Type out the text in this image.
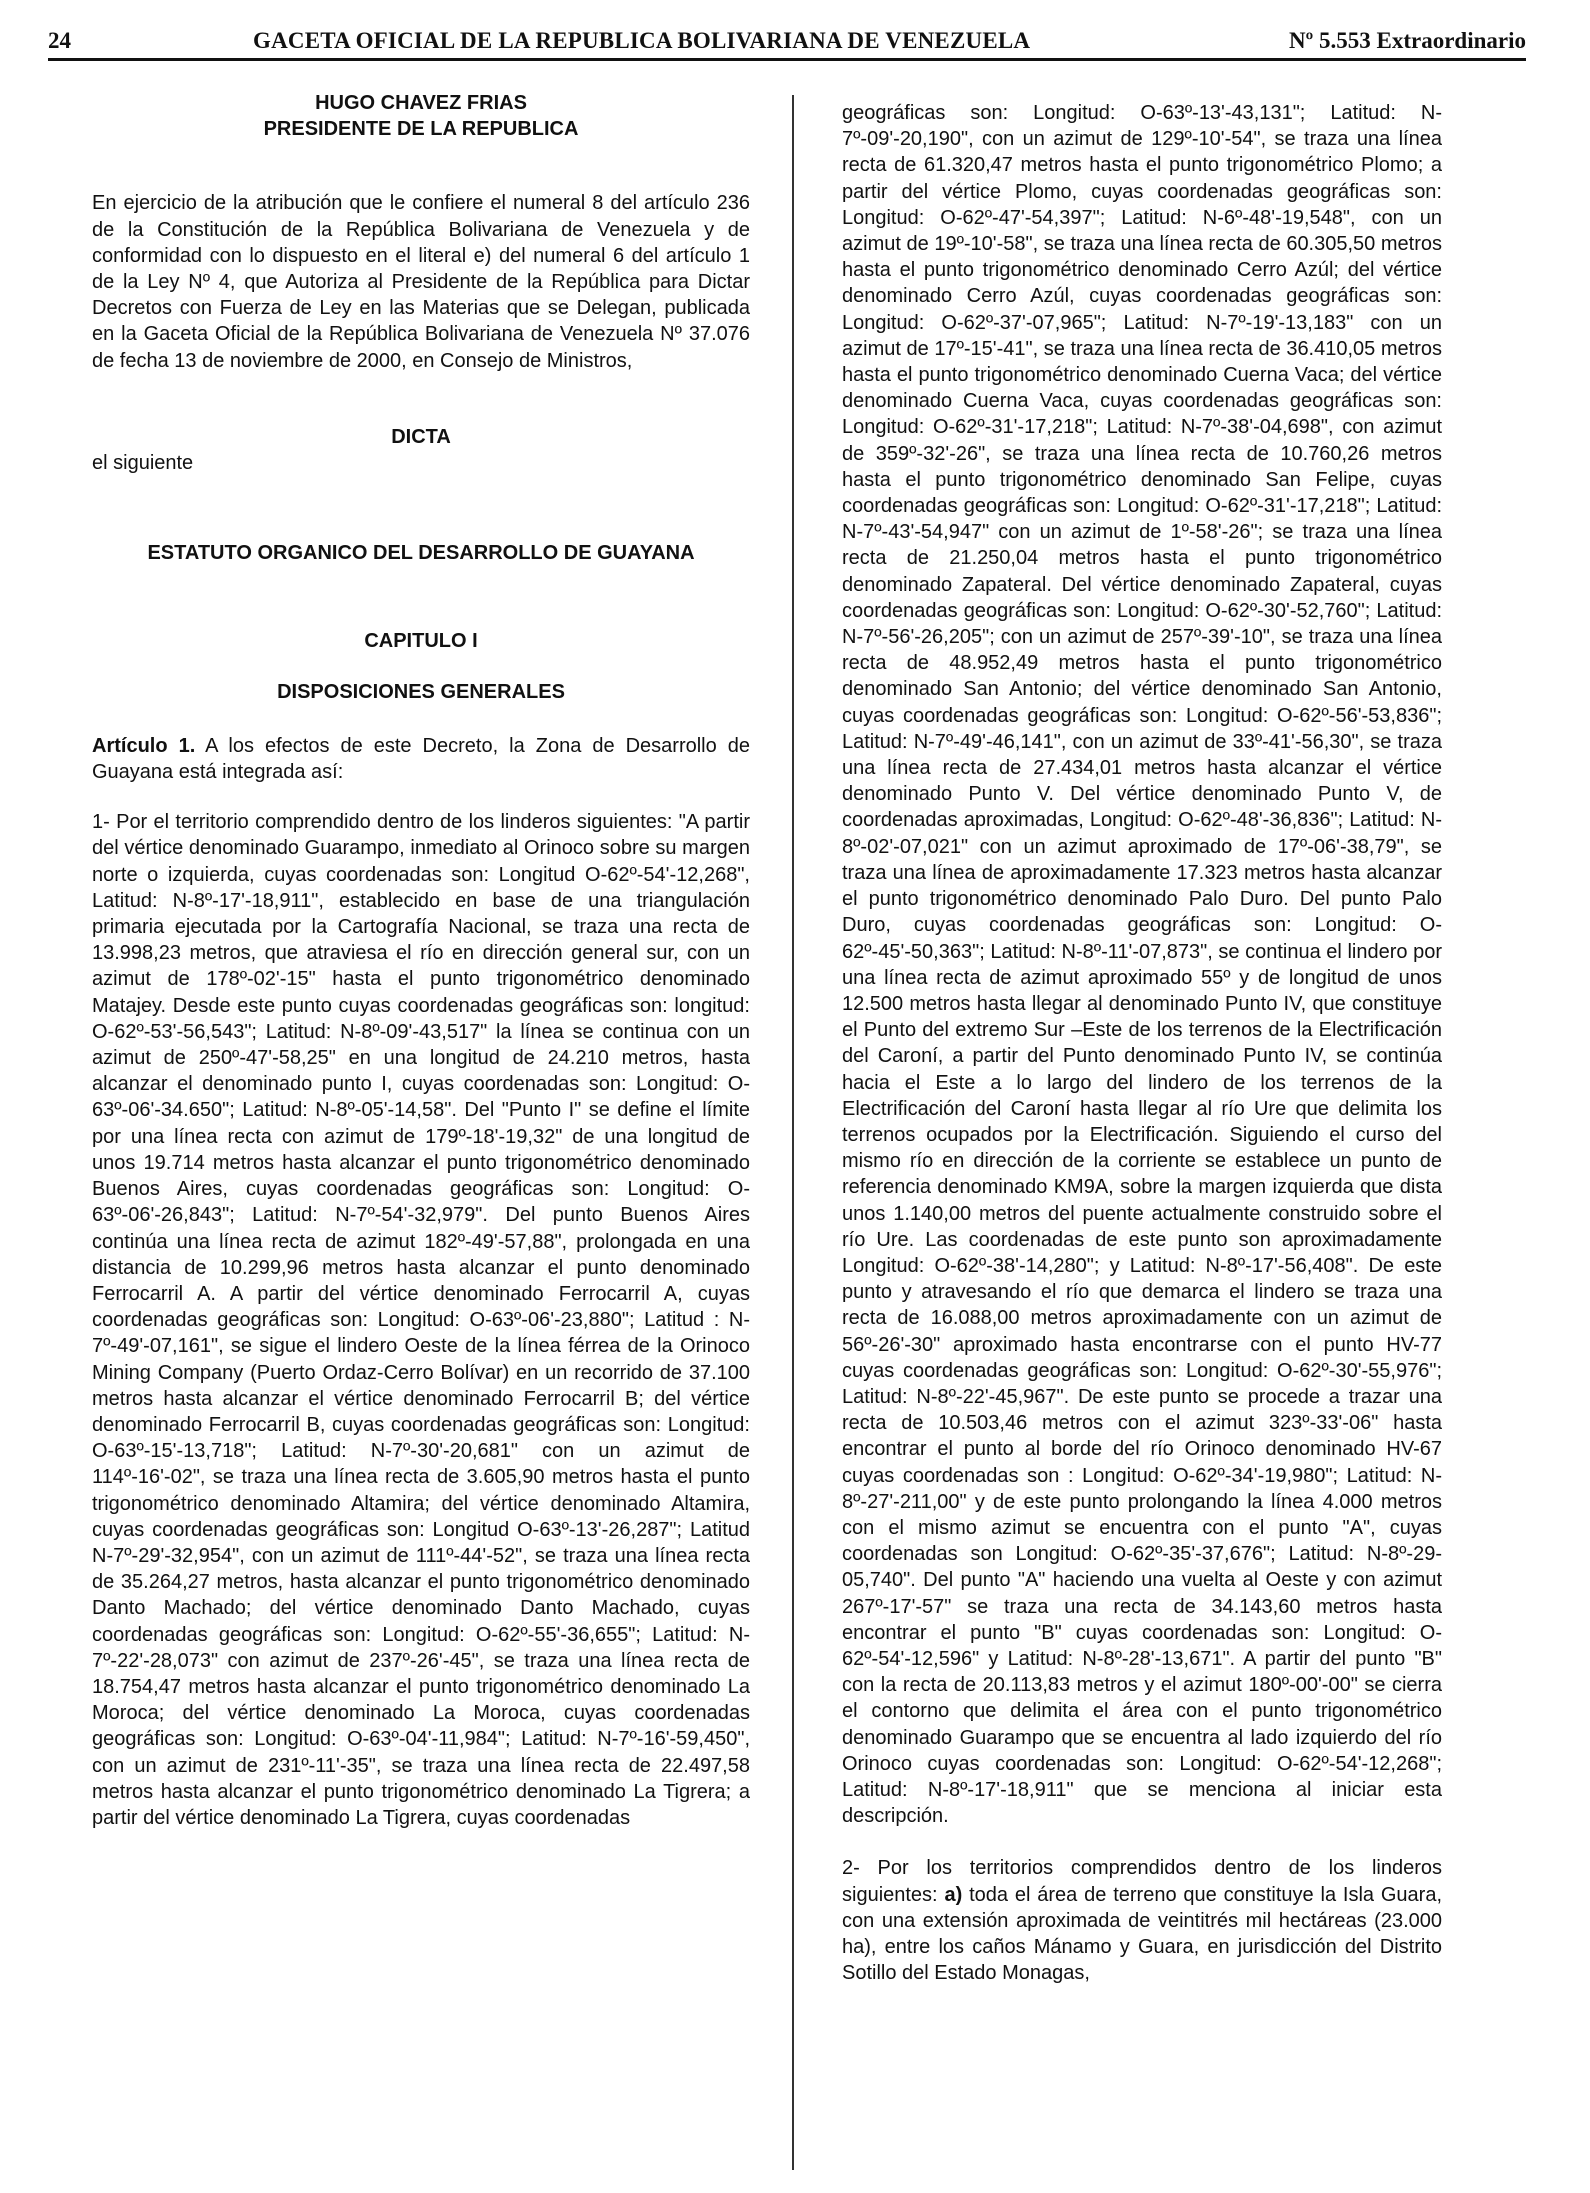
24	GACETA OFICIAL DE LA REPUBLICA BOLIVARIANA DE VENEZUELA	Nº 5.553 Extraordinario
HUGO CHAVEZ FRIAS
PRESIDENTE DE LA REPUBLICA

En ejercicio de la atribución que le confiere el numeral 8 del artículo 236 de la Constitución de la República Bolivariana de Venezuela y de conformidad con lo dispuesto en el literal e) del numeral 6 del artículo 1 de la Ley Nº 4, que Autoriza al Presidente de la República para Dictar Decretos con Fuerza de Ley en las Materias que se Delegan, publicada en la Gaceta Oficial de la República Bolivariana de Venezuela Nº 37.076 de fecha 13 de noviembre de 2000, en Consejo de Ministros,

DICTA
el siguiente
ESTATUTO ORGANICO DEL DESARROLLO DE GUAYANA
CAPITULO I
DISPOSICIONES GENERALES

Artículo 1. A los efectos de este Decreto, la Zona de Desarrollo de Guayana está integrada así:

1- Por el territorio comprendido dentro de los linderos siguientes: "A partir del vértice denominado Guarampo, inmediato al Orinoco sobre su margen norte o izquierda, cuyas coordenadas son: Longitud O-62º-54'-12,268", Latitud: N-8º-17'-18,911", establecido en base de una triangulación primaria ejecutada por la Cartografía Nacional, se traza una recta de 13.998,23 metros, que atraviesa el río en dirección general sur, con un azimut de 178º-02'-15" hasta el punto trigonométrico denominado Matajey. Desde este punto cuyas coordenadas geográficas son: longitud: O-62º-53'-56,543"; Latitud: N-8º-09'-43,517" la línea se continua con un azimut de 250º-47'-58,25" en una longitud de 24.210 metros, hasta alcanzar el denominado punto I, cuyas coordenadas son: Longitud: O-63º-06'-34.650"; Latitud: N-8º-05'-14,58". Del "Punto I" se define el límite por una línea recta con azimut de 179º-18'-19,32" de una longitud de unos 19.714 metros hasta alcanzar el punto trigonométrico denominado Buenos Aires, cuyas coordenadas geográficas son: Longitud: O-63º-06'-26,843"; Latitud: N-7º-54'-32,979". Del punto Buenos Aires continúa una línea recta de azimut 182º-49'-57,88", prolongada en una distancia de 10.299,96 metros hasta alcanzar el punto denominado Ferrocarril A. A partir del vértice denominado Ferrocarril A, cuyas coordenadas geográficas son: Longitud: O-63º-06'-23,880"; Latitud : N-7º-49'-07,161", se sigue el lindero Oeste de la línea férrea de la Orinoco Mining Company (Puerto Ordaz-Cerro Bolívar) en un recorrido de 37.100 metros hasta alcanzar el vértice denominado Ferrocarril B; del vértice denominado Ferrocarril B, cuyas coordenadas geográficas son: Longitud: O-63º-15'-13,718"; Latitud: N-7º-30'-20,681" con un azimut de 114º-16'-02", se traza una línea recta de 3.605,90 metros hasta el punto trigonométrico denominado Altamira; del vértice denominado Altamira, cuyas coordenadas geográficas son: Longitud O-63º-13'-26,287"; Latitud N-7º-29'-32,954", con un azimut de 111º-44'-52", se traza una línea recta de 35.264,27 metros, hasta alcanzar el punto trigonométrico denominado Danto Machado; del vértice denominado Danto Machado, cuyas coordenadas geográficas son: Longitud: O-62º-55'-36,655"; Latitud: N-7º-22'-28,073" con azimut de 237º-26'-45", se traza una línea recta de 18.754,47 metros hasta alcanzar el punto trigonométrico denominado La Moroca; del vértice denominado La Moroca, cuyas coordenadas geográficas son: Longitud: O-63º-04'-11,984"; Latitud: N-7º-16'-59,450", con un azimut de 231º-11'-35", se traza una línea recta de 22.497,58 metros hasta alcanzar el punto trigonométrico denominado La Tigrera; a partir del vértice denominado La Tigrera, cuyas coordenadas

geográficas son: Longitud: O-63º-13'-43,131"; Latitud: N-7º-09'-20,190", con un azimut de 129º-10'-54", se traza una línea recta de 61.320,47 metros hasta el punto trigonométrico Plomo; a partir del vértice Plomo, cuyas coordenadas geográficas son: Longitud: O-62º-47'-54,397"; Latitud: N-6º-48'-19,548", con un azimut de 19º-10'-58", se traza una línea recta de 60.305,50 metros hasta el punto trigonométrico denominado Cerro Azúl; del vértice denominado Cerro Azúl, cuyas coordenadas geográficas son: Longitud: O-62º-37'-07,965"; Latitud: N-7º-19'-13,183" con un azimut de 17º-15'-41", se traza una línea recta de 36.410,05 metros hasta el punto trigonométrico denominado Cuerna Vaca; del vértice denominado Cuerna Vaca, cuyas coordenadas geográficas son: Longitud: O-62º-31'-17,218"; Latitud: N-7º-38'-04,698", con azimut de 359º-32'-26", se traza una línea recta de 10.760,26 metros hasta el punto trigonométrico denominado San Felipe, cuyas coordenadas geográficas son: Longitud: O-62º-31'-17,218"; Latitud: N-7º-43'-54,947" con un azimut de 1º-58'-26"; se traza una línea recta de 21.250,04 metros hasta el punto trigonométrico denominado Zapateral. Del vértice denominado Zapateral, cuyas coordenadas geográficas son: Longitud: O-62º-30'-52,760"; Latitud: N-7º-56'-26,205"; con un azimut de 257º-39'-10", se traza una línea recta de 48.952,49 metros hasta el punto trigonométrico denominado San Antonio; del vértice denominado San Antonio, cuyas coordenadas geográficas son: Longitud: O-62º-56'-53,836"; Latitud: N-7º-49'-46,141", con un azimut de 33º-41'-56,30", se traza una línea recta de 27.434,01 metros hasta alcanzar el vértice denominado Punto V. Del vértice denominado Punto V, de coordenadas aproximadas, Longitud: O-62º-48'-36,836"; Latitud: N-8º-02'-07,021" con un azimut aproximado de 17º-06'-38,79", se traza una línea de aproximadamente 17.323 metros hasta alcanzar el punto trigonométrico denominado Palo Duro. Del punto Palo Duro, cuyas coordenadas geográficas son: Longitud: O-62º-45'-50,363"; Latitud: N-8º-11'-07,873", se continua el lindero por una línea recta de azimut aproximado 55º y de longitud de unos 12.500 metros hasta llegar al denominado Punto IV, que constituye el Punto del extremo Sur –Este de los terrenos de la Electrificación del Caroní, a partir del Punto denominado Punto IV, se continúa hacia el Este a lo largo del lindero de los terrenos de la Electrificación del Caroní hasta llegar al río Ure que delimita los terrenos ocupados por la Electrificación. Siguiendo el curso del mismo río en dirección de la corriente se establece un punto de referencia denominado KM9A, sobre la margen izquierda que dista unos 1.140,00 metros del puente actualmente construido sobre el río Ure. Las coordenadas de este punto son aproximadamente Longitud: O-62º-38'-14,280"; y Latitud: N-8º-17'-56,408". De este punto y atravesando el río que demarca el lindero se traza una recta de 16.088,00 metros aproximadamente con un azimut de 56º-26'-30" aproximado hasta encontrarse con el punto HV-77 cuyas coordenadas geográficas son: Longitud: O-62º-30'-55,976"; Latitud: N-8º-22'-45,967". De este punto se procede a trazar una recta de 10.503,46 metros con el azimut 323º-33'-06" hasta encontrar el punto al borde del río Orinoco denominado HV-67 cuyas coordenadas son : Longitud: O-62º-34'-19,980"; Latitud: N-8º-27'-211,00" y de este punto prolongando la línea 4.000 metros con el mismo azimut se encuentra con el punto "A", cuyas coordenadas son Longitud: O-62º-35'-37,676"; Latitud: N-8º-29-05,740". Del punto "A" haciendo una vuelta al Oeste y con azimut 267º-17'-57" se traza una recta de 34.143,60 metros hasta encontrar el punto "B" cuyas coordenadas son: Longitud: O-62º-54'-12,596" y Latitud: N-8º-28'-13,671". A partir del punto "B" con la recta de 20.113,83 metros y el azimut 180º-00'-00" se cierra el contorno que delimita el área con el punto trigonométrico denominado Guarampo que se encuentra al lado izquierdo del río Orinoco cuyas coordenadas son: Longitud: O-62º-54'-12,268"; Latitud: N-8º-17'-18,911" que se menciona al iniciar esta descripción.

2- Por los territorios comprendidos dentro de los linderos siguientes: a) toda el área de terreno que constituye la Isla Guara, con una extensión aproximada de veintitrés mil hectáreas (23.000 ha), entre los caños Mánamo y Guara, en jurisdicción del Distrito Sotillo del Estado Monagas,
